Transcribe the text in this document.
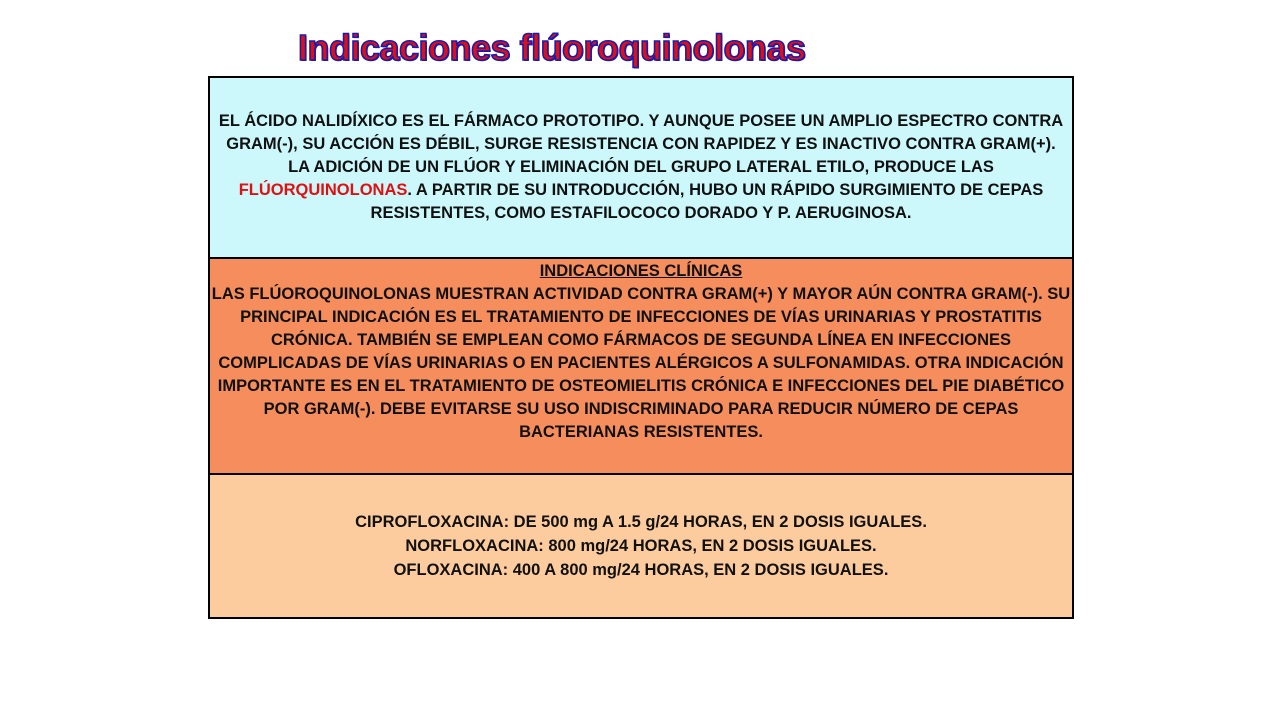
Indicaciones flúoroquinolonas

EL ÁCIDO NALIDÍXICO ES EL FÁRMACO PROTOTIPO. Y AUNQUE POSEE UN AMPLIO ESPECTRO CONTRA GRAM(-), SU ACCIÓN ES DÉBIL, SURGE RESISTENCIA CON RAPIDEZ Y ES INACTIVO CONTRA GRAM(+).

LA ADICIÓN DE UN FLÚOR Y ELIMINACIÓN DEL GRUPO LATERAL ETILO, PRODUCE LAS FLÚORQUINOLONAS. A PARTIR DE SU INTRODUCCIÓN, HUBO UN RÁPIDO SURGIMIENTO DE CEPAS RESISTENTES, COMO ESTAFILOCOCO DORADO Y P. AERUGINOSA.

INDICACIONES CLÍNICAS

LAS FLÚOROQUINOLONAS MUESTRAN ACTIVIDAD CONTRA GRAM(+) Y MAYOR AÚN CONTRA GRAM(-). SU PRINCIPAL INDICACIÓN ES EL TRATAMIENTO DE INFECCIONES DE VÍAS URINARIAS Y PROSTATITIS CRÓNICA. TAMBIÉN SE EMPLEAN COMO FÁRMACOS DE SEGUNDA LÍNEA EN INFECCIONES COMPLICADAS DE VÍAS URINARIAS O EN PACIENTES ALÉRGICOS A SULFONAMIDAS. OTRA INDICACIÓN IMPORTANTE ES EN EL TRATAMIENTO DE OSTEOMIELITIS CRÓNICA E INFECCIONES DEL PIE DIABÉTICO POR GRAM(-). DEBE EVITARSE SU USO INDISCRIMINADO PARA REDUCIR NÚMERO DE CEPAS BACTERIANAS RESISTENTES.

CIPROFLOXACINA: DE 500 mg A 1.5 g/24 HORAS, EN 2 DOSIS IGUALES.

NORFLOXACINA: 800 mg/24 HORAS, EN 2 DOSIS IGUALES.

OFLOXACINA: 400 A 800 mg/24 HORAS, EN 2 DOSIS IGUALES.
